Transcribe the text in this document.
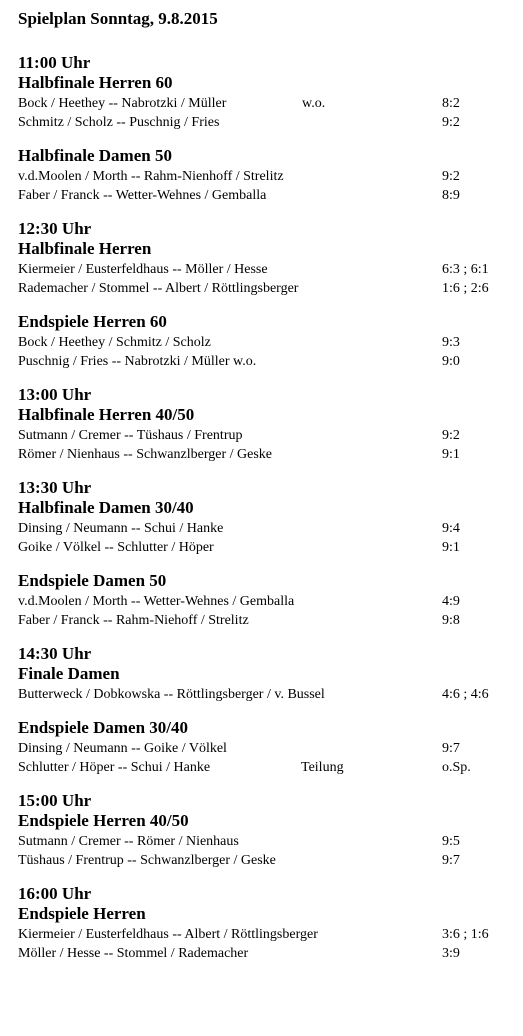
Spielplan Sonntag, 9.8.2015
11:00 Uhr
Halbfinale Herren 60
Bock / Heethey -- Nabrotzki / Müller	w.o.	8:2
Schmitz / Scholz -- Puschnig / Fries	9:2
Halbfinale Damen 50
v.d.Moolen / Morth -- Rahm-Nienhoff / Strelitz	9:2
Faber / Franck -- Wetter-Wehnes / Gemballa	8:9
12:30 Uhr
Halbfinale Herren
Kiermeier / Eusterfeldhaus -- Möller / Hesse	6:3 ; 6:1
Rademacher / Stommel -- Albert / Röttlingsberger	1:6 ; 2:6
Endspiele Herren 60
Bock / Heethey / Schmitz / Scholz	9:3
Puschnig / Fries -- Nabrotzki / Müller w.o.	9:0
13:00 Uhr
Halbfinale Herren 40/50
Sutmann / Cremer -- Tüshaus / Frentrup	9:2
Römer / Nienhaus -- Schwanzlberger / Geske	9:1
13:30 Uhr
Halbfinale Damen 30/40
Dinsing / Neumann -- Schui / Hanke	9:4
Goike / Völkel -- Schlutter / Höper	9:1
Endspiele Damen 50
v.d.Moolen / Morth -- Wetter-Wehnes / Gemballa	4:9
Faber / Franck -- Rahm-Niehoff / Strelitz	9:8
14:30 Uhr
Finale Damen
Butterweck / Dobkowska -- Röttlingsberger / v. Bussel	4:6 ; 4:6
Endspiele Damen 30/40
Dinsing / Neumann -- Goike / Völkel	9:7
Schlutter / Höper -- Schui / Hanke	Teilung	o.Sp.
15:00 Uhr
Endspiele Herren 40/50
Sutmann / Cremer -- Römer / Nienhaus	9:5
Tüshaus / Frentrup -- Schwanzlberger / Geske	9:7
16:00 Uhr
Endspiele Herren
Kiermeier / Eusterfeldhaus -- Albert / Röttlingsberger	3:6 ; 1:6
Möller / Hesse -- Stommel / Rademacher	3:9
